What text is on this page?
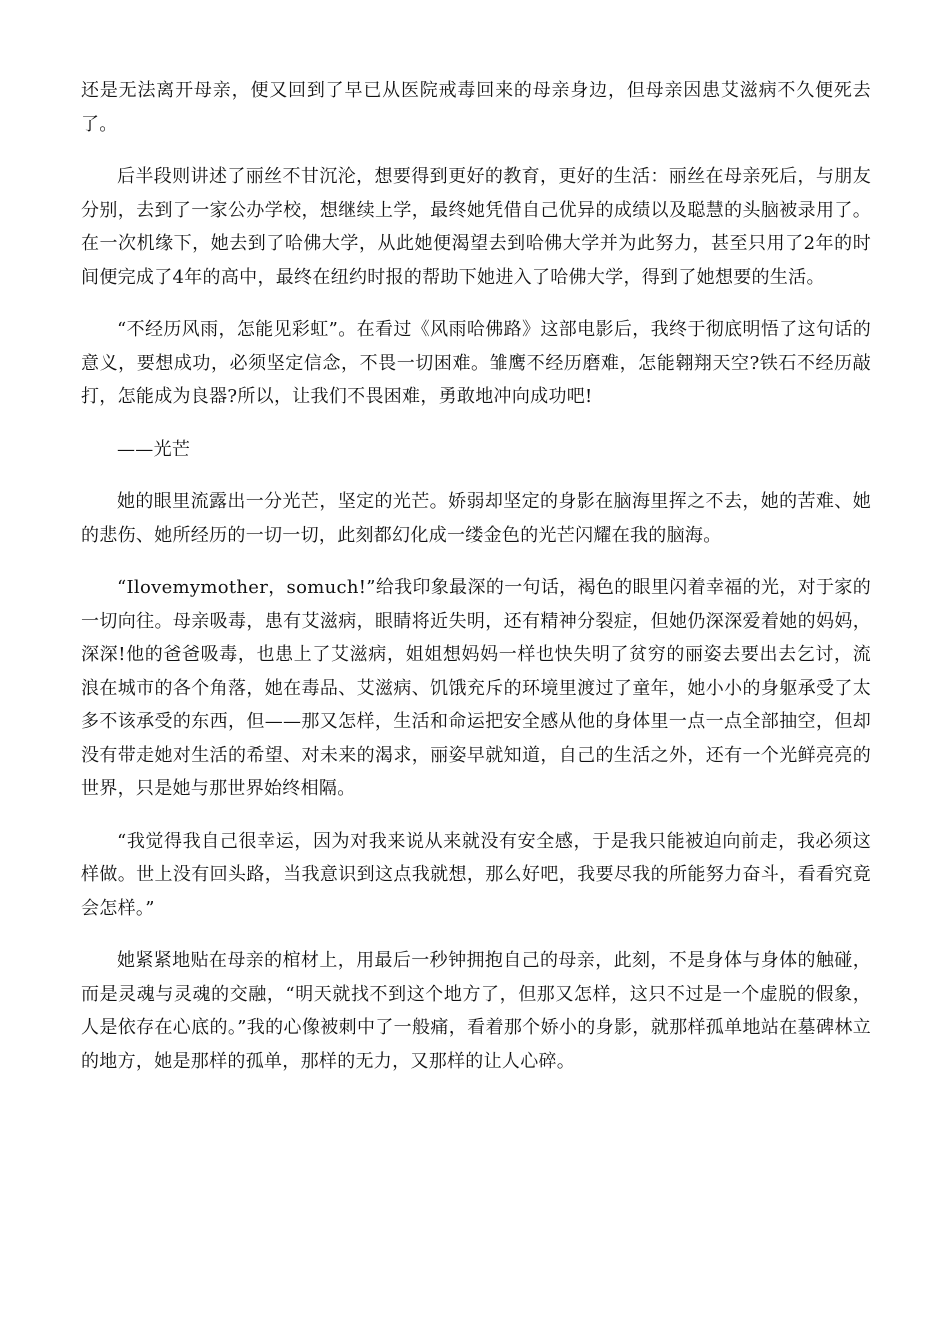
还是无法离开母亲，便又回到了早已从医院戒毒回来的母亲身边，但母亲因患艾滋病不久便死去了。

后半段则讲述了丽丝不甘沉沦，想要得到更好的教育，更好的生活：丽丝在母亲死后，与朋友分别，去到了一家公办学校，想继续上学，最终她凭借自己优异的成绩以及聪慧的头脑被录用了。在一次机缘下，她去到了哈佛大学，从此她便渴望去到哈佛大学并为此努力，甚至只用了2年的时间便完成了4年的高中，最终在纽约时报的帮助下她进入了哈佛大学，得到了她想要的生活。

“不经历风雨，怎能见彩虹”。在看过《风雨哈佛路》这部电影后，我终于彻底明悟了这句话的意义，要想成功，必须坚定信念，不畏一切困难。雏鹰不经历磨难，怎能翱翔天空?铁石不经历敲打，怎能成为良器?所以，让我们不畏困难，勇敢地冲向成功吧!

——光芒

她的眼里流露出一分光芒，坚定的光芒。娇弱却坚定的身影在脑海里挥之不去，她的苦难、她的悲伤、她所经历的一切一切，此刻都幻化成一缕金色的光芒闪耀在我的脑海。

“Ilovemymother，somuch!”给我印象最深的一句话，褐色的眼里闪着幸福的光，对于家的一切向往。母亲吸毒，患有艾滋病，眼睛将近失明，还有精神分裂症，但她仍深深爱着她的妈妈，深深!他的爸爸吸毒，也患上了艾滋病，姐姐想妈妈一样也快失明了贫穷的丽姿去要出去乞讨，流浪在城市的各个角落，她在毒品、艾滋病、饥饿充斥的环境里渡过了童年，她小小的身躯承受了太多不该承受的东西，但——那又怎样，生活和命运把安全感从他的身体里一点一点全部抽空，但却没有带走她对生活的希望、对未来的渴求，丽姿早就知道，自己的生活之外，还有一个光鲜亮亮的世界，只是她与那世界始终相隔。

“我觉得我自己很幸运，因为对我来说从来就没有安全感，于是我只能被迫向前走，我必须这样做。世上没有回头路，当我意识到这点我就想，那么好吧，我要尽我的所能努力奋斗，看看究竟会怎样。”

她紧紧地贴在母亲的棺材上，用最后一秒钟拥抱自己的母亲，此刻，不是身体与身体的触碰，而是灵魂与灵魂的交融，“明天就找不到这个地方了，但那又怎样，这只不过是一个虚脱的假象，人是依存在心底的。”我的心像被刺中了一般痛，看着那个娇小的身影，就那样孤单地站在墓碑林立的地方，她是那样的孤单，那样的无力，又那样的让人心碎。
